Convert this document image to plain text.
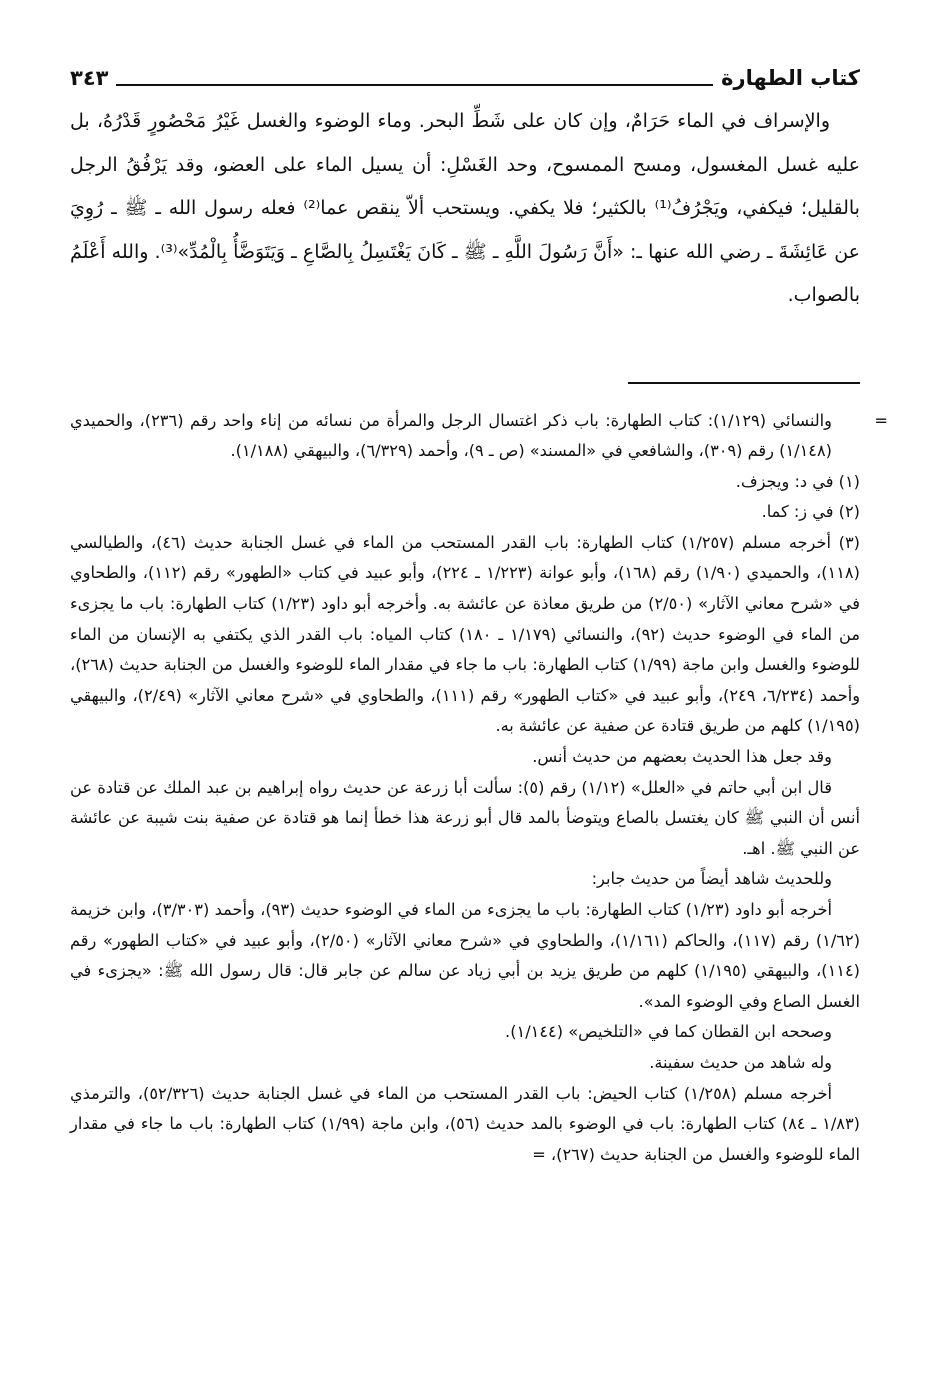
كتاب الطهارة
٣٤٣

والإسراف في الماء حَرَامٌ، وإن كان على شَطِّ البحر. وماء الوضوء والغسل غَيْرُ مَحْصُورٍ قَدْرُهُ، بل عليه غسل المغسول، ومسح الممسوح، وحد الغَسْلِ: أن يسيل الماء على العضو، وقد يَرْفُقُ الرجل بالقليل؛ فيكفي، ويَجْرُفُ⁽¹⁾ بالكثير؛ فلا يكفي. ويستحب ألاّ ينقص عما⁽²⁾ فعله رسول الله ـ ﷺ ـ رُوِيَ عن عَائِشَةَ ـ رضي الله عنها ـ: «أَنَّ رَسُولَ اللَّهِ ـ ﷺ ـ كَانَ يَغْتَسِلُ بِالصَّاعِ ـ وَيَتَوَضَّأُ بِالْمُدِّ»⁽³⁾. والله أَعْلَمُ بالصواب.

=
والنسائي (١/١٢٩): كتاب الطهارة: باب ذكر اغتسال الرجل والمرأة من نسائه من إناء واحد رقم (٢٣٦)، والحميدي (١/١٤٨) رقم (٣٠٩)، والشافعي في «المسند» (ص ـ ٩)، وأحمد (٦/٣٢٩)، والبيهقي (١/١٨٨).

(١) في د: ويجزف.

(٢) في ز: كما.

(٣) أخرجه مسلم (١/٢٥٧) كتاب الطهارة: باب القدر المستحب من الماء في غسل الجنابة حديث (٤٦)، والطيالسي (١١٨)، والحميدي (١/٩٠) رقم (١٦٨)، وأبو عوانة (١/٢٢٣ ـ ٢٢٤)، وأبو عبيد في كتاب «الطهور» رقم (١١٢)، والطحاوي في «شرح معاني الآثار» (٢/٥٠) من طريق معاذة عن عائشة به. وأخرجه أبو داود (١/٢٣) كتاب الطهارة: باب ما يجزىء من الماء في الوضوء حديث (٩٢)، والنسائي (١/١٧٩ ـ ١٨٠) كتاب المياه: باب القدر الذي يكتفي به الإنسان من الماء للوضوء والغسل وابن ماجة (١/٩٩) كتاب الطهارة: باب ما جاء في مقدار الماء للوضوء والغسل من الجنابة حديث (٢٦٨)، وأحمد (٦/٢٣٤، ٢٤٩)، وأبو عبيد في «كتاب الطهور» رقم (١١١)، والطحاوي في «شرح معاني الآثار» (٢/٤٩)، والبيهقي (١/١٩٥) كلهم من طريق قتادة عن صفية عن عائشة به.

وقد جعل هذا الحديث بعضهم من حديث أنس.

قال ابن أبي حاتم في «العلل» (١/١٢) رقم (٥): سألت أبا زرعة عن حديث رواه إبراهيم بن عبد الملك عن قتادة عن أنس أن النبي ﷺ كان يغتسل بالصاع ويتوضأ بالمد قال أبو زرعة هذا خطأ إنما هو قتادة عن صفية بنت شيبة عن عائشة عن النبي ﷺ. اهـ.

وللحديث شاهد أيضاً من حديث جابر:

أخرجه أبو داود (١/٢٣) كتاب الطهارة: باب ما يجزىء من الماء في الوضوء حديث (٩٣)، وأحمد (٣/٣٠٣)، وابن خزيمة (١/٦٢) رقم (١١٧)، والحاكم (١/١٦١)، والطحاوي في «شرح معاني الآثار» (٢/٥٠)، وأبو عبيد في «كتاب الطهور» رقم (١١٤)، والبيهقي (١/١٩٥) كلهم من طريق يزيد بن أبي زياد عن سالم عن جابر قال: قال رسول الله ﷺ: «يجزىء في الغسل الصاع وفي الوضوء المد».

وصححه ابن القطان كما في «التلخيص» (١/١٤٤).

وله شاهد من حديث سفينة.

أخرجه مسلم (١/٢٥٨) كتاب الحيض: باب القدر المستحب من الماء في غسل الجنابة حديث (٥٢/٣٢٦)، والترمذي (١/٨٣ ـ ٨٤) كتاب الطهارة: باب في الوضوء بالمد حديث (٥٦)، وابن ماجة (١/٩٩) كتاب الطهارة: باب ما جاء في مقدار الماء للوضوء والغسل من الجنابة حديث (٢٦٧)، =
